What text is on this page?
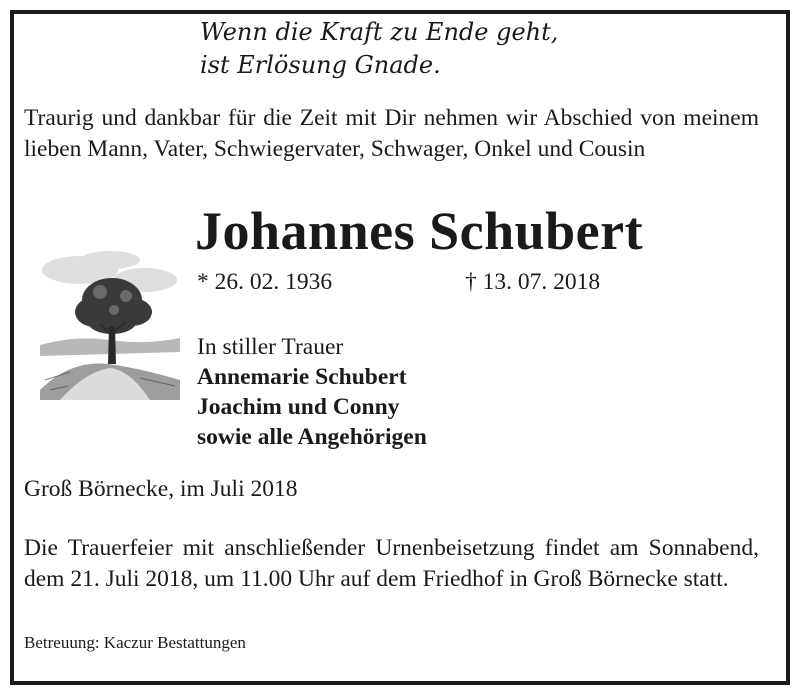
Wenn die Kraft zu Ende geht,
ist Erlösung Gnade.
Traurig und dankbar für die Zeit mit Dir nehmen wir Abschied von meinem lieben Mann, Vater, Schwiegervater, Schwager, Onkel und Cousin
Johannes Schubert
* 26. 02. 1936	† 13. 07. 2018
In stiller Trauer
Annemarie Schubert
Joachim und Conny
sowie alle Angehörigen
Groß Börnecke, im Juli 2018
Die Trauerfeier mit anschließender Urnenbeisetzung findet am Sonnabend, dem 21. Juli 2018, um 11.00 Uhr auf dem Friedhof in Groß Börnecke statt.
Betreuung: Kaczur Bestattungen
